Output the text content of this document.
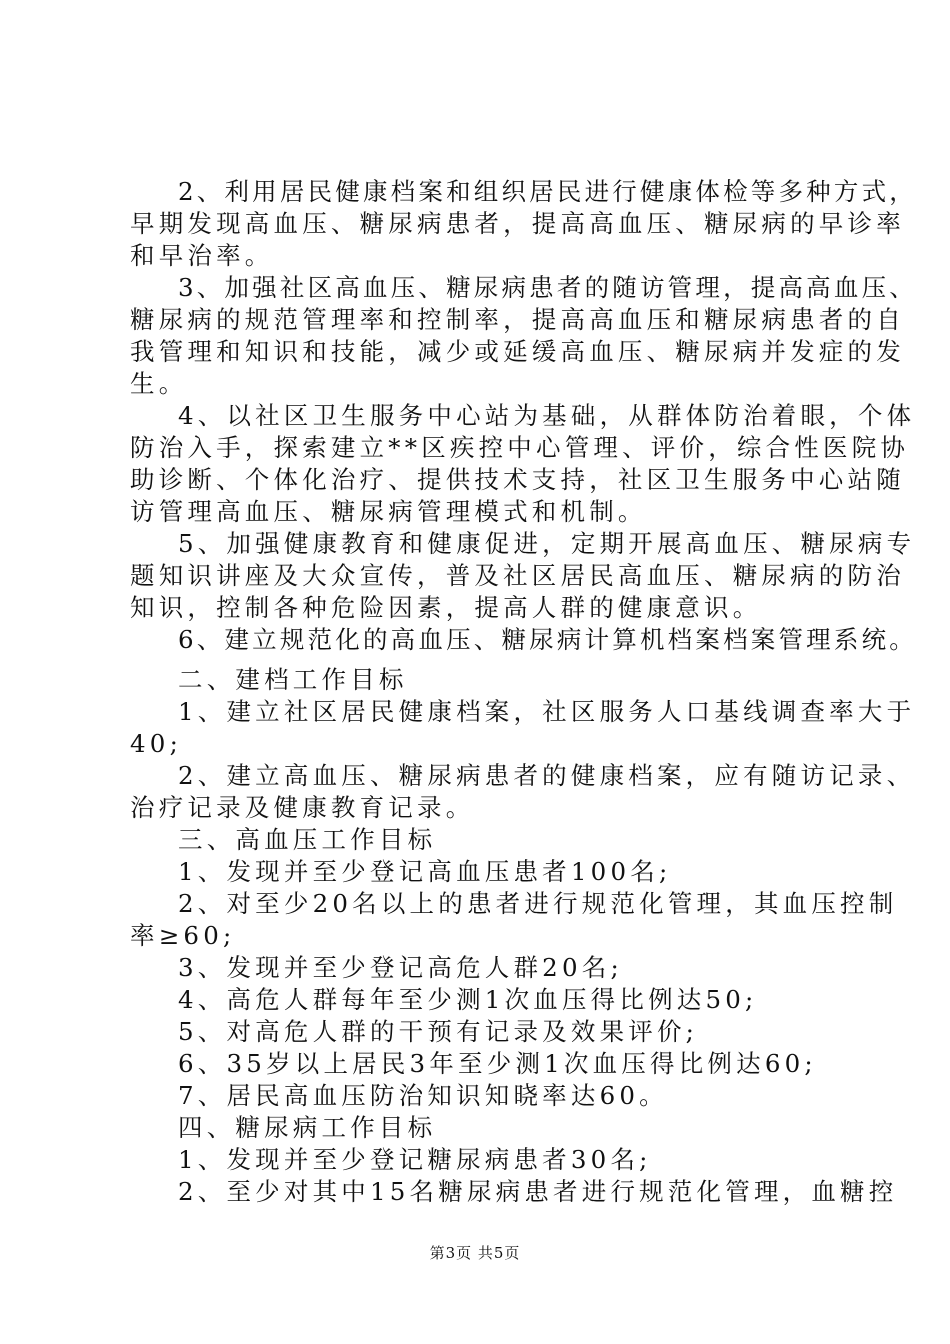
2、利用居民健康档案和组织居民进行健康体检等多种方式，
早期发现高血压、糖尿病患者，提高高血压、糖尿病的早诊率
和早治率。
3、加强社区高血压、糖尿病患者的随访管理，提高高血压、
糖尿病的规范管理率和控制率，提高高血压和糖尿病患者的自
我管理和知识和技能，减少或延缓高血压、糖尿病并发症的发
生。
4、以社区卫生服务中心站为基础，从群体防治着眼，个体
防治入手，探索建立**区疾控中心管理、评价，综合性医院协
助诊断、个体化治疗、提供技术支持，社区卫生服务中心站随
访管理高血压、糖尿病管理模式和机制。
5、加强健康教育和健康促进，定期开展高血压、糖尿病专
题知识讲座及大众宣传，普及社区居民高血压、糖尿病的防治
知识，控制各种危险因素，提高人群的健康意识。
6、建立规范化的高血压、糖尿病计算机档案档案管理系统。
二、建档工作目标
1、建立社区居民健康档案，社区服务人口基线调查率大于
40;
2、建立高血压、糖尿病患者的健康档案，应有随访记录、
治疗记录及健康教育记录。
三、高血压工作目标
1、发现并至少登记高血压患者100名;
2、对至少20名以上的患者进行规范化管理，其血压控制
率≥60;
3、发现并至少登记高危人群20名;
4、高危人群每年至少测1次血压得比例达50;
5、对高危人群的干预有记录及效果评价;
6、35岁以上居民3年至少测1次血压得比例达60;
7、居民高血压防治知识知晓率达60。
四、糖尿病工作目标
1、发现并至少登记糖尿病患者30名;
2、至少对其中15名糖尿病患者进行规范化管理，血糖控
第3页 共5页
